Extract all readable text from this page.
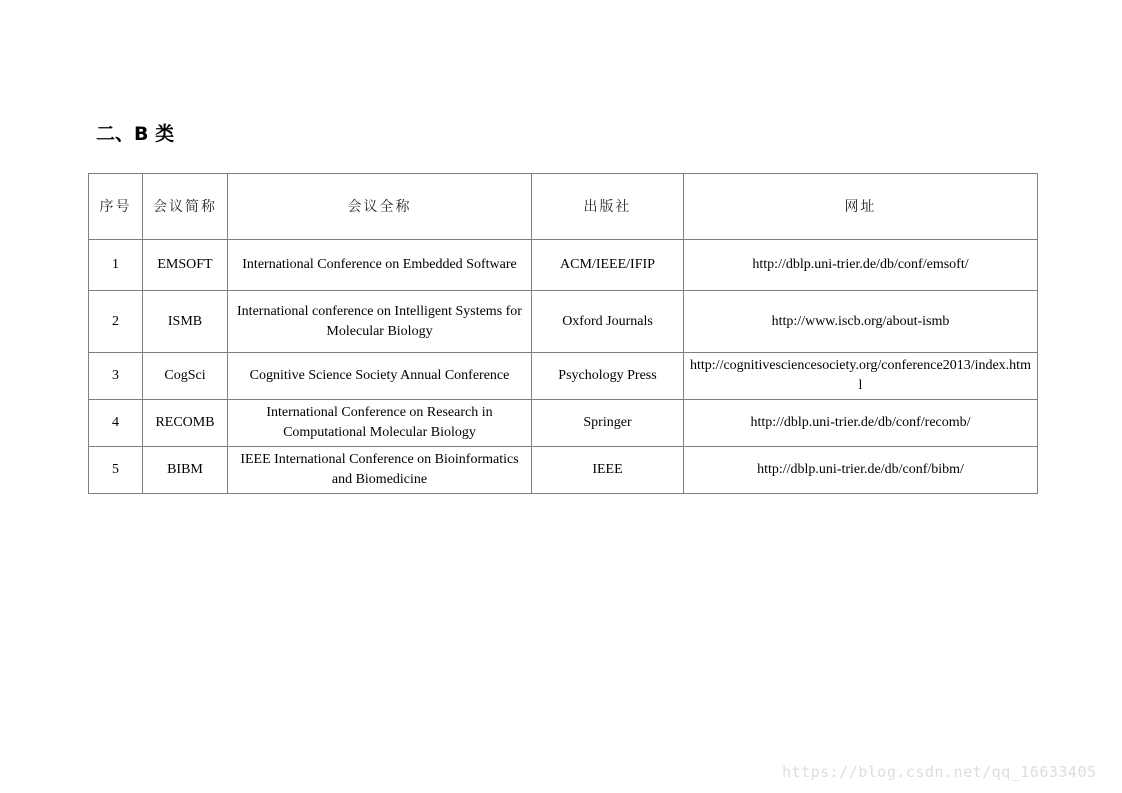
二、B 类
序号	会议简称	会议全称	出版社	网址
1	EMSOFT	International Conference on Embedded Software	ACM/IEEE/IFIP	http://dblp.uni-trier.de/db/conf/emsoft/
2	ISMB	International conference on Intelligent Systems for Molecular Biology	Oxford Journals	http://www.iscb.org/about-ismb
3	CogSci	Cognitive Science Society Annual Conference	Psychology Press	http://cognitivesciencesociety.org/conference2013/index.html
4	RECOMB	International Conference on Research in Computational Molecular Biology	Springer	http://dblp.uni-trier.de/db/conf/recomb/
5	BIBM	IEEE International Conference on Bioinformatics and Biomedicine	IEEE	http://dblp.uni-trier.de/db/conf/bibm/
https://blog.csdn.net/qq_16633405
